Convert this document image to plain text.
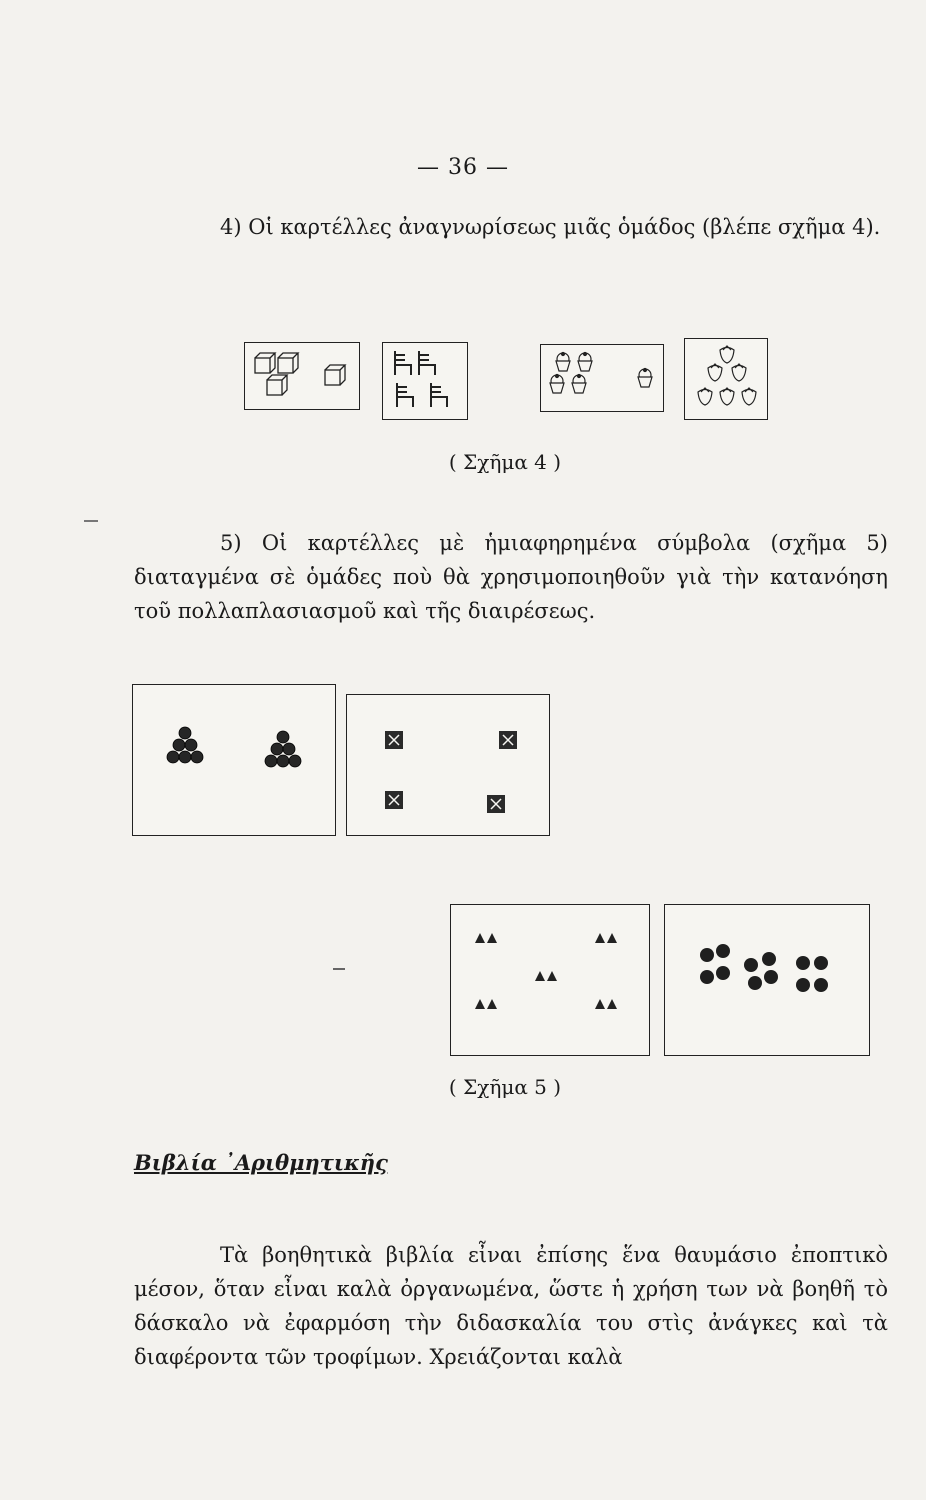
— 36 —
4) Οἱ καρτέλλες ἀναγνωρίσεως μιᾶς ὁμάδος (βλέπε σχῆμα 4).
( Σχῆμα 4 )
5) Οἱ καρτέλλες μὲ ἡμιαφηρημένα σύμβολα (σχῆμα 5) διαταγμένα σὲ ὁμάδες ποὺ θὰ χρησιμοποιηθοῦν γιὰ τὴν κατανόηση τοῦ πολλαπλασιασμοῦ καὶ τῆς διαιρέσεως.
( Σχῆμα 5 )
Βιβλία ᾿Αριθμητικῆς
Τὰ βοηθητικὰ βιβλία εἶναι ἐπίσης ἕνα θαυμάσιο ἐποπτικὸ μέσον, ὅταν εἶναι καλὰ ὀργανωμένα, ὥστε ἡ χρήση των νὰ βοηθῆ τὸ δάσκαλο νὰ ἐφαρμόση τὴν διδασκαλία του στὶς ἀνάγκες καὶ τὰ διαφέροντα τῶν τροφίμων. Χρειάζονται καλὰ
